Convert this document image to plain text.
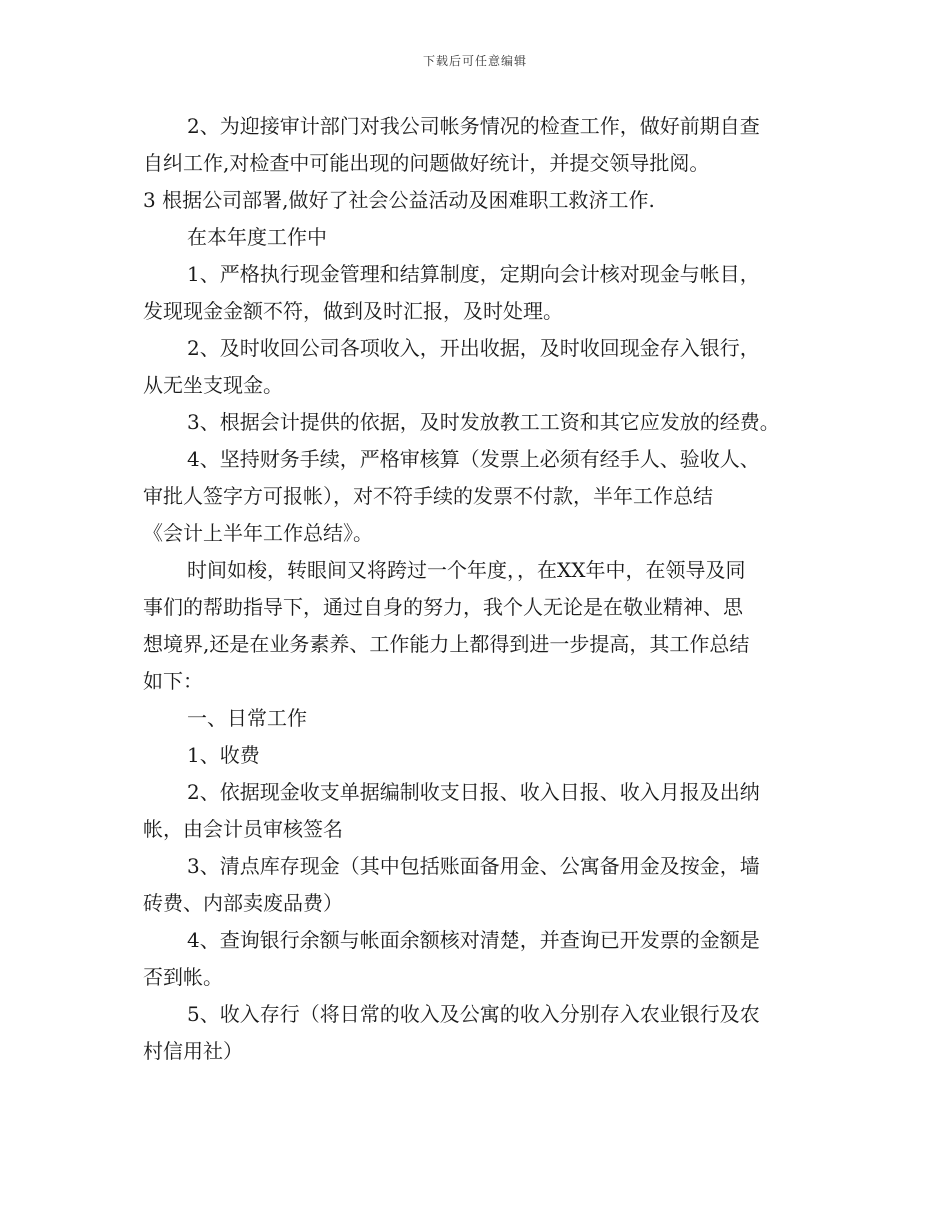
下载后可任意编辑

2、为迎接审计部门对我公司帐务情况的检查工作，做好前期自查
自纠工作,对检查中可能出现的问题做好统计，并提交领导批阅。

3 根据公司部署,做好了社会公益活动及困难职工救济工作.

在本年度工作中

1、严格执行现金管理和结算制度，定期向会计核对现金与帐目，
发现现金金额不符，做到及时汇报，及时处理。

2、及时收回公司各项收入，开出收据，及时收回现金存入银行，
从无坐支现金。

3、根据会计提供的依据，及时发放教工工资和其它应发放的经费。

4、坚持财务手续，严格审核算（发票上必须有经手人、验收人、
审批人签字方可报帐），对不符手续的发票不付款，半年工作总结
《会计上半年工作总结》。

时间如梭，转眼间又将跨过一个年度，，在XX年中，在领导及同
事们的帮助指导下，通过自身的努力，我个人无论是在敬业精神、思
想境界,还是在业务素养、工作能力上都得到进一步提高，其工作总结
如下：

一、日常工作

1、收费

2、依据现金收支单据编制收支日报、收入日报、收入月报及出纳
帐，由会计员审核签名

3、清点库存现金（其中包括账面备用金、公寓备用金及按金，墙
砖费、内部卖废品费）

4、查询银行余额与帐面余额核对清楚，并查询已开发票的金额是
否到帐。

5、收入存行（将日常的收入及公寓的收入分别存入农业银行及农
村信用社）
